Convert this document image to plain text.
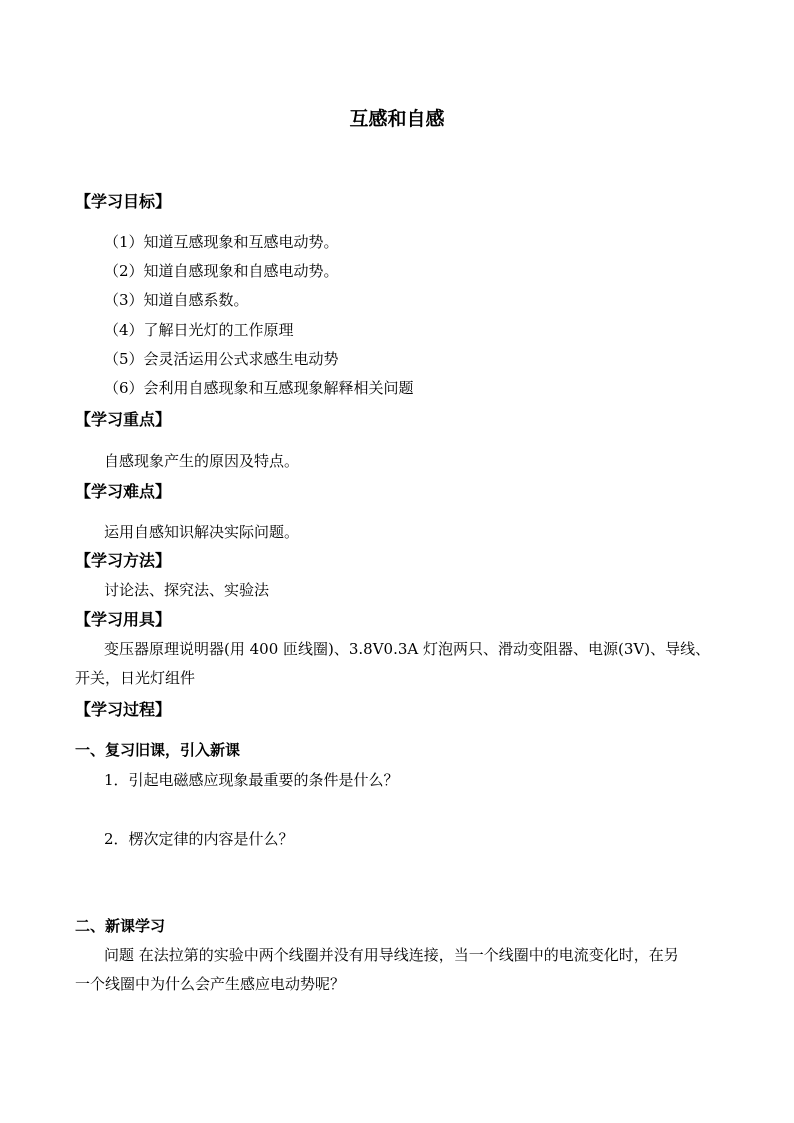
互感和自感
【学习目标】
（1）知道互感现象和互感电动势。
（2）知道自感现象和自感电动势。
（3）知道自感系数。
（4）了解日光灯的工作原理
（5）会灵活运用公式求感生电动势
（6）会利用自感现象和互感现象解释相关问题
【学习重点】
自感现象产生的原因及特点。
【学习难点】
运用自感知识解决实际问题。
【学习方法】
讨论法、探究法、实验法
【学习用具】
变压器原理说明器(用 400 匝线圈)、3.8V0.3A 灯泡两只、滑动变阻器、电源(3V)、导线、
开关，日光灯组件
【学习过程】
一、复习旧课，引入新课
1．引起电磁感应现象最重要的条件是什么？
2．楞次定律的内容是什么？
二、新课学习
问题 在法拉第的实验中两个线圈并没有用导线连接，当一个线圈中的电流变化时，在另
一个线圈中为什么会产生感应电动势呢？
